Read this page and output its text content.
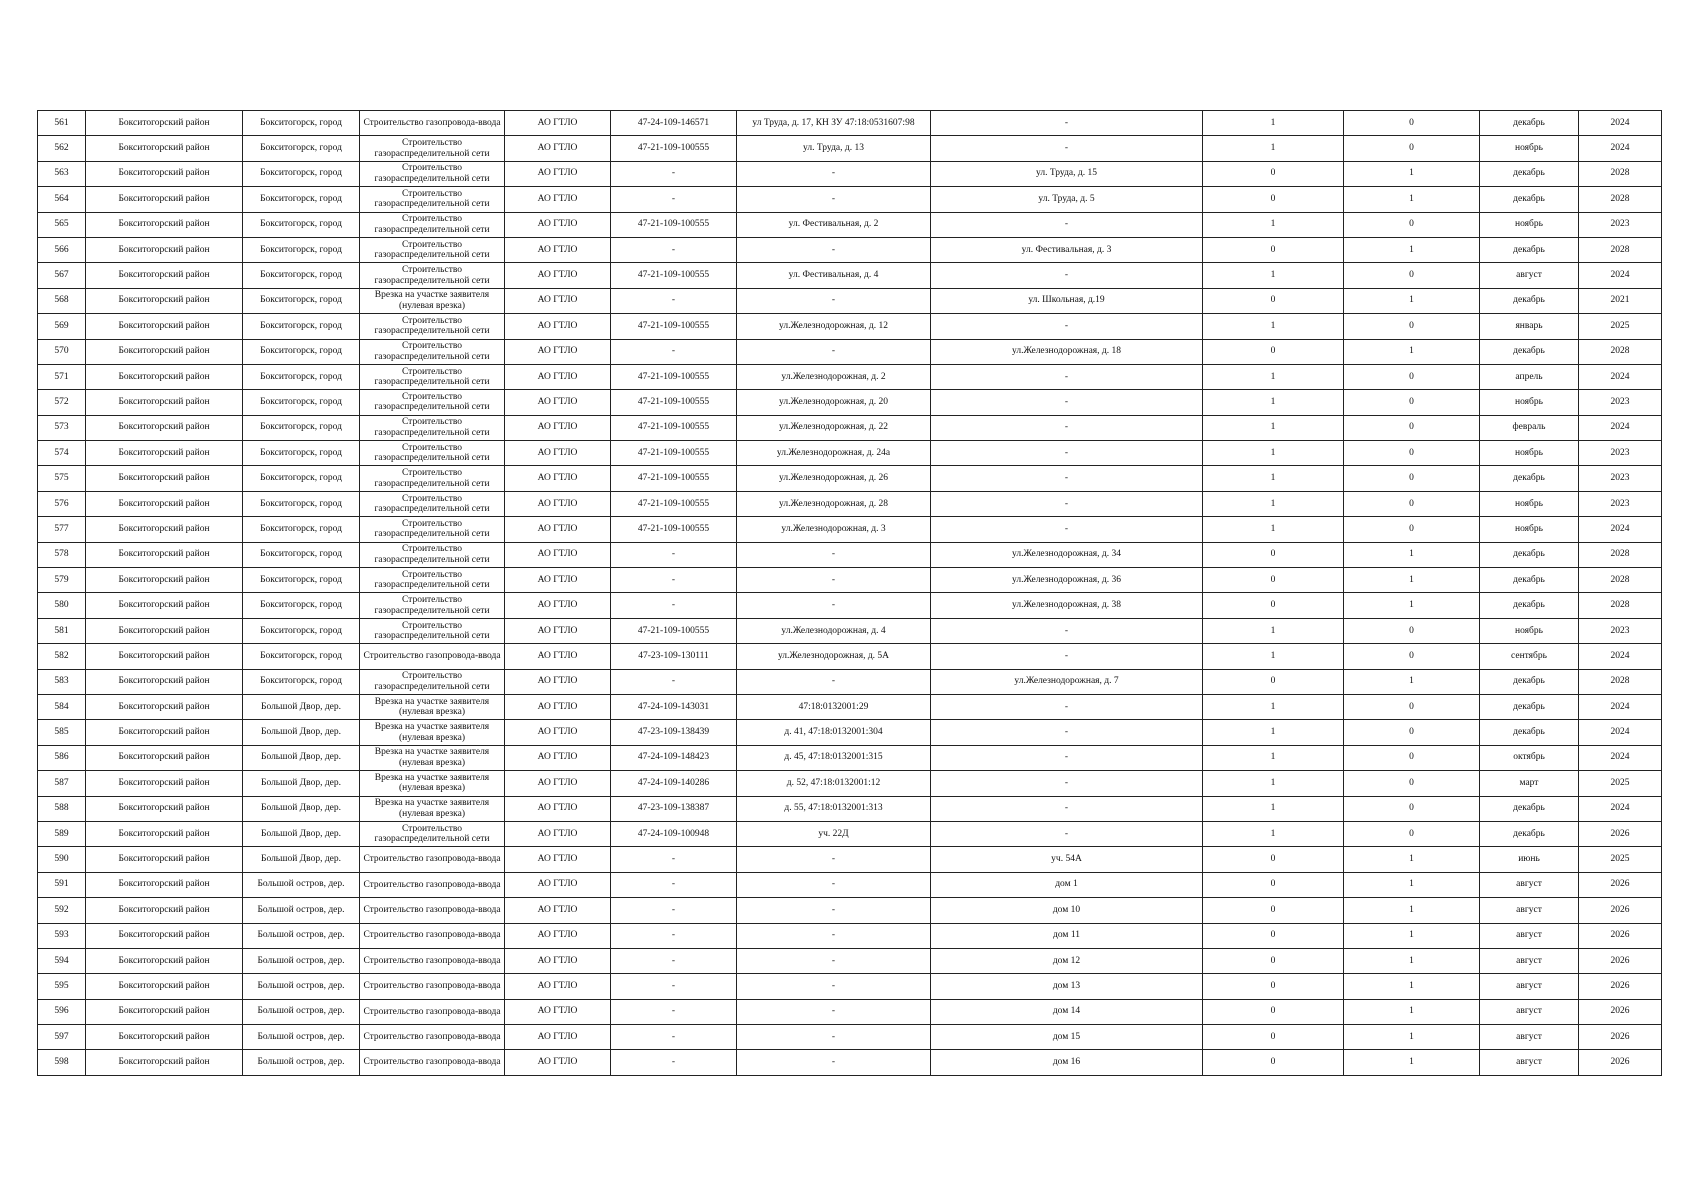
561	Бокситогорский район	Бокситогорск, город	Строительство газопровода-ввода	АО ГТЛО	47-24-109-146571	ул Труда, д. 17, КН ЗУ 47:18:0531607:98	-	1	0	декабрь	2024
562	Бокситогорский район	Бокситогорск, город	Строительство газораспределительной сети	АО ГТЛО	47-21-109-100555	ул. Труда, д. 13	-	1	0	ноябрь	2024
563	Бокситогорский район	Бокситогорск, город	Строительство газораспределительной сети	АО ГТЛО	-	-	ул. Труда, д. 15	0	1	декабрь	2028
564	Бокситогорский район	Бокситогорск, город	Строительство газораспределительной сети	АО ГТЛО	-	-	ул. Труда, д. 5	0	1	декабрь	2028
565	Бокситогорский район	Бокситогорск, город	Строительство газораспределительной сети	АО ГТЛО	47-21-109-100555	ул. Фестивальная, д. 2	-	1	0	ноябрь	2023
566	Бокситогорский район	Бокситогорск, город	Строительство газораспределительной сети	АО ГТЛО	-	-	ул. Фестивальная, д. 3	0	1	декабрь	2028
567	Бокситогорский район	Бокситогорск, город	Строительство газораспределительной сети	АО ГТЛО	47-21-109-100555	ул. Фестивальная, д. 4	-	1	0	август	2024
568	Бокситогорский район	Бокситогорск, город	Врезка на участке заявителя (нулевая врезка)	АО ГТЛО	-	-	ул. Школьная, д.19	0	1	декабрь	2021
569	Бокситогорский район	Бокситогорск, город	Строительство газораспределительной сети	АО ГТЛО	47-21-109-100555	ул.Железнодорожная, д. 12	-	1	0	январь	2025
570	Бокситогорский район	Бокситогорск, город	Строительство газораспределительной сети	АО ГТЛО	-	-	ул.Железнодорожная, д. 18	0	1	декабрь	2028
571	Бокситогорский район	Бокситогорск, город	Строительство газораспределительной сети	АО ГТЛО	47-21-109-100555	ул.Железнодорожная, д. 2	-	1	0	апрель	2024
572	Бокситогорский район	Бокситогорск, город	Строительство газораспределительной сети	АО ГТЛО	47-21-109-100555	ул.Железнодорожная, д. 20	-	1	0	ноябрь	2023
573	Бокситогорский район	Бокситогорск, город	Строительство газораспределительной сети	АО ГТЛО	47-21-109-100555	ул.Железнодорожная, д. 22	-	1	0	февраль	2024
574	Бокситогорский район	Бокситогорск, город	Строительство газораспределительной сети	АО ГТЛО	47-21-109-100555	ул.Железнодорожная, д. 24а	-	1	0	ноябрь	2023
575	Бокситогорский район	Бокситогорск, город	Строительство газораспределительной сети	АО ГТЛО	47-21-109-100555	ул.Железнодорожная, д. 26	-	1	0	декабрь	2023
576	Бокситогорский район	Бокситогорск, город	Строительство газораспределительной сети	АО ГТЛО	47-21-109-100555	ул.Железнодорожная, д. 28	-	1	0	ноябрь	2023
577	Бокситогорский район	Бокситогорск, город	Строительство газораспределительной сети	АО ГТЛО	47-21-109-100555	ул.Железнодорожная, д. 3	-	1	0	ноябрь	2024
578	Бокситогорский район	Бокситогорск, город	Строительство газораспределительной сети	АО ГТЛО	-	-	ул.Железнодорожная, д. 34	0	1	декабрь	2028
579	Бокситогорский район	Бокситогорск, город	Строительство газораспределительной сети	АО ГТЛО	-	-	ул.Железнодорожная, д. 36	0	1	декабрь	2028
580	Бокситогорский район	Бокситогорск, город	Строительство газораспределительной сети	АО ГТЛО	-	-	ул.Железнодорожная, д. 38	0	1	декабрь	2028
581	Бокситогорский район	Бокситогорск, город	Строительство газораспределительной сети	АО ГТЛО	47-21-109-100555	ул.Железнодорожная, д. 4	-	1	0	ноябрь	2023
582	Бокситогорский район	Бокситогорск, город	Строительство газопровода-ввода	АО ГТЛО	47-23-109-130111	ул.Железнодорожная, д. 5А	-	1	0	сентябрь	2024
583	Бокситогорский район	Бокситогорск, город	Строительство газораспределительной сети	АО ГТЛО	-	-	ул.Железнодорожная, д. 7	0	1	декабрь	2028
584	Бокситогорский район	Большой Двор, дер.	Врезка на участке заявителя (нулевая врезка)	АО ГТЛО	47-24-109-143031	47:18:0132001:29	-	1	0	декабрь	2024
585	Бокситогорский район	Большой Двор, дер.	Врезка на участке заявителя (нулевая врезка)	АО ГТЛО	47-23-109-138439	д. 41, 47:18:0132001:304	-	1	0	декабрь	2024
586	Бокситогорский район	Большой Двор, дер.	Врезка на участке заявителя (нулевая врезка)	АО ГТЛО	47-24-109-148423	д. 45, 47:18:0132001:315	-	1	0	октябрь	2024
587	Бокситогорский район	Большой Двор, дер.	Врезка на участке заявителя (нулевая врезка)	АО ГТЛО	47-24-109-140286	д. 52, 47:18:0132001:12	-	1	0	март	2025
588	Бокситогорский район	Большой Двор, дер.	Врезка на участке заявителя (нулевая врезка)	АО ГТЛО	47-23-109-138387	д. 55, 47:18:0132001:313	-	1	0	декабрь	2024
589	Бокситогорский район	Большой Двор, дер.	Строительство газораспределительной сети	АО ГТЛО	47-24-109-100948	уч. 22Д	-	1	0	декабрь	2026
590	Бокситогорский район	Большой Двор, дер.	Строительство газопровода-ввода	АО ГТЛО	-	-	уч. 54А	0	1	июнь	2025
591	Бокситогорский район	Большой остров, дер.	Строительство газопровода-ввода	АО ГТЛО	-	-	дом 1	0	1	август	2026
592	Бокситогорский район	Большой остров, дер.	Строительство газопровода-ввода	АО ГТЛО	-	-	дом 10	0	1	август	2026
593	Бокситогорский район	Большой остров, дер.	Строительство газопровода-ввода	АО ГТЛО	-	-	дом 11	0	1	август	2026
594	Бокситогорский район	Большой остров, дер.	Строительство газопровода-ввода	АО ГТЛО	-	-	дом 12	0	1	август	2026
595	Бокситогорский район	Большой остров, дер.	Строительство газопровода-ввода	АО ГТЛО	-	-	дом 13	0	1	август	2026
596	Бокситогорский район	Большой остров, дер.	Строительство газопровода-ввода	АО ГТЛО	-	-	дом 14	0	1	август	2026
597	Бокситогорский район	Большой остров, дер.	Строительство газопровода-ввода	АО ГТЛО	-	-	дом 15	0	1	август	2026
598	Бокситогорский район	Большой остров, дер.	Строительство газопровода-ввода	АО ГТЛО	-	-	дом 16	0	1	август	2026
